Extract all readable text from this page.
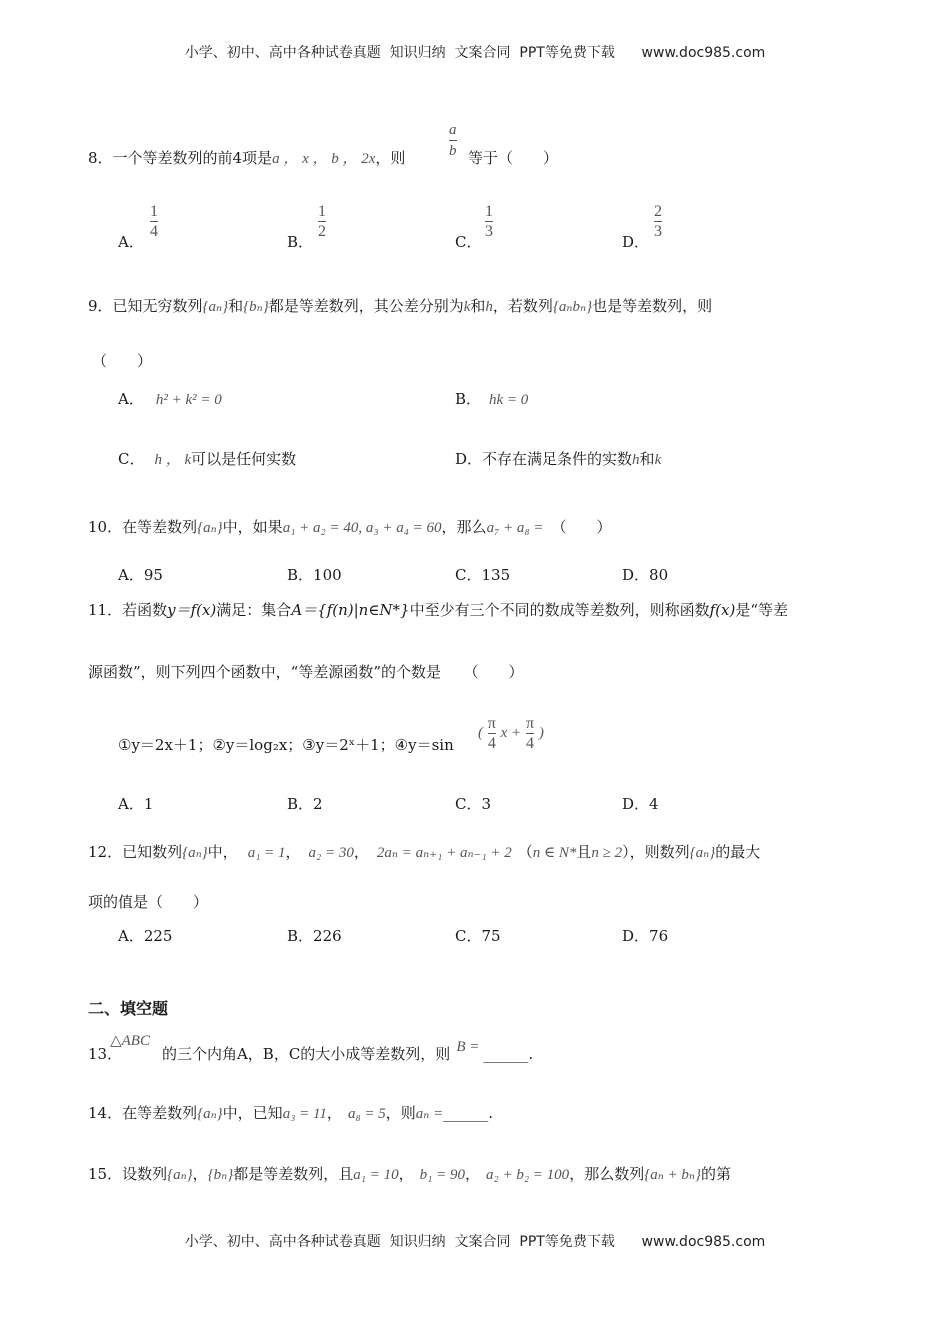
小学、初中、高中各种试卷真题  知识归纳  文案合同  PPT等免费下载      www.doc985.com
小学、初中、高中各种试卷真题  知识归纳  文案合同  PPT等免费下载      www.doc985.com
8．一个等差数列的前4项是a ， x ， b ， 2x，则	$\frac{a}{b}$ 等于（　　）
A．
$\frac{1}{4}$
B．
$\frac{1}{2}$
C．
$\frac{1}{3}$
D．
$\frac{2}{3}$
9．已知无穷数列{aₙ}和{bₙ}都是等差数列，其公差分别为k和h，若数列{aₙbₙ}也是等差数列，则
（　　）
A． h² + k² = 0	B． hk = 0
C． h ， k可以是任何实数	D．不存在满足条件的实数h和k
10．在等差数列{aₙ}中，如果a₁ + a₂ = 40, a₃ + a₄ = 60，那么a₇ + a₈ = （　　）
A．95	B．100	C．135	D．80
11．若函数y＝f(x)满足：集合A＝{f(n)|n∈N*}中至少有三个不同的数成等差数列，则称函数f(x)是“等差
源函数”，则下列四个函数中，“等差源函数”的个数是　　（　　）
①y＝2x＋1；②y＝log₂x；③y＝2ˣ＋1；④y＝sin
( $\frac{\pi}{4}$ $x + \frac{\pi}{4}$ )
A．1	B．2	C．3	D．4
12．已知数列{aₙ}中， a₁ = 1， a₂ = 30， 2aₙ = aₙ₊₁ + aₙ₋₁ + 2 （n ∈ N*且n ≥ 2），则数列{aₙ}的最大
项的值是（　　）
A．225	B．226	C．75	D．76
二、填空题
13．△ABC的三个内角A，B，C的大小成等差数列，则 B = ______.
14．在等差数列{aₙ}中，已知a₃ = 11， a₈ = 5，则aₙ =______.
15．设数列{aₙ}，{bₙ}都是等差数列，且a₁ = 10， b₁ = 90， a₂ + b₂ = 100，那么数列{aₙ + bₙ}的第
